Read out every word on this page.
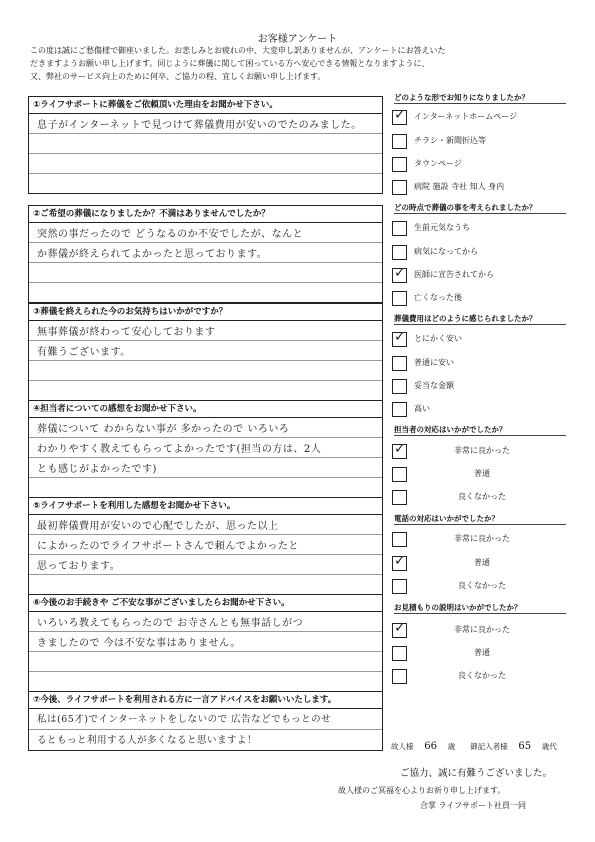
お客様アンケート
この度は誠にご愁傷様で御座いました。お悲しみとお疲れの中、大変申し訳ありませんが、アンケートにお答えいた
だきますようお願い申し上げます。同じように葬儀に関して困っている方へ安心できる情報となりますように、
又、弊社のサービス向上のために何卒、ご協力の程、宜しくお願い申し上げます。
①ライフサポートに葬儀をご依頼頂いた理由をお聞かせ下さい。
息子がインターネットで見つけて葬儀費用が安いのでたのみました。
②ご希望の葬儀になりましたか？不満はありませんでしたか？
突然の事だったので どうなるのか不安でしたが、なんと
か葬儀が終えられてよかったと思っております。
③葬儀を終えられた今のお気持ちはいかがですか？
無事葬儀が終わって安心しております
有難うございます。
④担当者についての感想をお聞かせ下さい。
葬儀について わからない事が 多かったので いろいろ
わかりやすく教えてもらってよかったです(担当の方は、2人
とも感じがよかったです)
⑤ライフサポートを利用した感想をお聞かせ下さい。
最初葬儀費用が安いので心配でしたが、思った以上
によかったのでライフサポートさんで頼んでよかったと
思っております。
⑥今後のお手続きや ご不安な事がございましたらお聞かせ下さい。
いろいろ教えてもらったので お寺さんとも無事話しがつ
きましたので 今は不安な事はありません。
⑦今後、ライフサポートを利用される方に一言アドバイスをお願いいたします。
私は(65才)でインターネットをしないので 広告などでもっとのせ
るともっと利用する人が多くなると思いますよ！
どのような形でお知りになりましたか？
✓
インターネットホームページ
チラシ・新聞折込等
タウンページ
病院 施設 寺社 知人 身内
どの時点で葬儀の事を考えられましたか？
生前元気なうち
病気になってから
✓
医師に宣告されてから
亡くなった後
葬儀費用はどのように感じられましたか？
✓
とにかく安い
普通に安い
妥当な金額
高い
担当者の対応はいかがでしたか？
✓
非常に良かった
普通
良くなかった
電話の対応はいかがでしたか？
非常に良かった
✓
普通
良くなかった
お見積もりの説明はいかがでしたか？
✓
非常に良かった
普通
良くなかった
故人様 66 歳 御記入者様 65 歳代
ご協力、誠に有難うございました。
故人様のご冥福を心よりお祈り申し上げます。
合掌 ライフサポート社員一同
